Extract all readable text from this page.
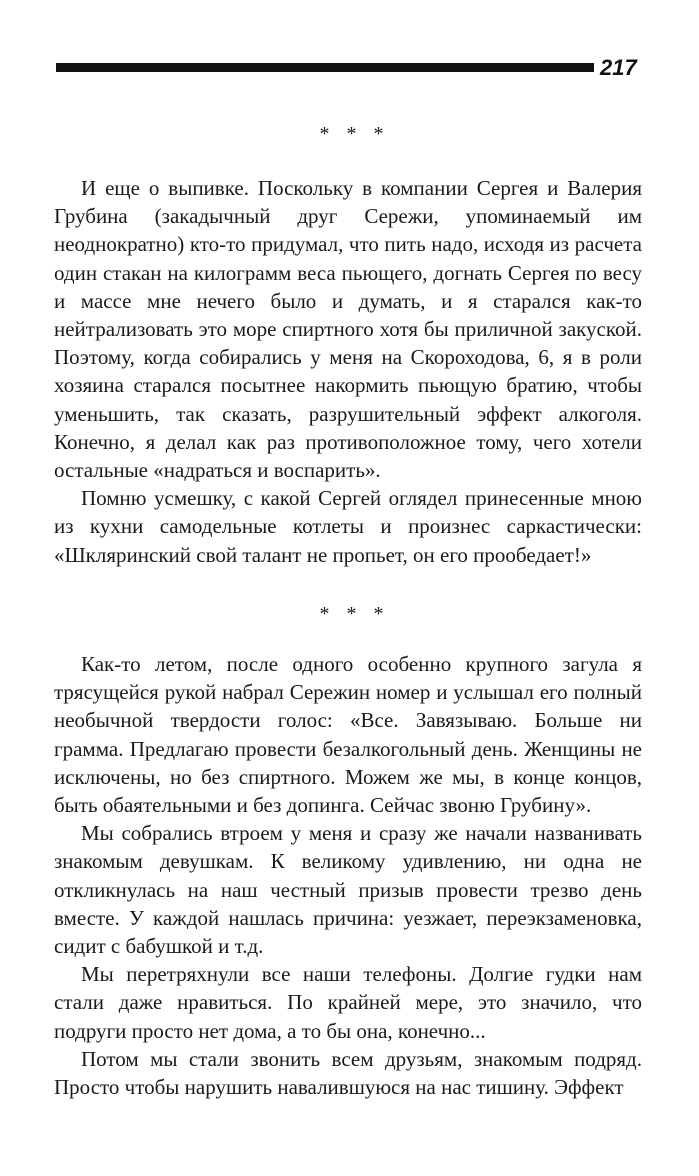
217
* * *

И еще о выпивке. Поскольку в компании Сергея и Валерия Грубина (закадычный друг Сережи, упоминаемый им неоднократно) кто-то придумал, что пить надо, исходя из расчета один стакан на килограмм веса пьющего, догнать Сергея по весу и массе мне нечего было и думать, и я старался как-то нейтрализовать это море спиртного хотя бы приличной закуской. Поэтому, когда собирались у меня на Скороходова, 6, я в роли хозяина старался посытнее накормить пьющую братию, чтобы уменьшить, так сказать, разрушительный эффект алкоголя. Конечно, я делал как раз противоположное тому, чего хотели остальные «надраться и воспарить».

Помню усмешку, с какой Сергей оглядел принесенные мною из кухни самодельные котлеты и произнес саркастически: «Шкляринский свой талант не пропьет, он его прообедает!»

* * *

Как-то летом, после одного особенно крупного загула я трясущейся рукой набрал Сережин номер и услышал его полный необычной твердости голос: «Все. Завязываю. Больше ни грамма. Предлагаю провести безалкогольный день. Женщины не исключены, но без спиртного. Можем же мы, в конце концов, быть обаятельными и без допинга. Сейчас звоню Грубину».

Мы собрались втроем у меня и сразу же начали названивать знакомым девушкам. К великому удивлению, ни одна не откликнулась на наш честный призыв провести трезво день вместе. У каждой нашлась причина: уезжает, переэкзаменовка, сидит с бабушкой и т.д.

Мы перетряхнули все наши телефоны. Долгие гудки нам стали даже нравиться. По крайней мере, это значило, что подруги просто нет дома, а то бы она, конечно...

Потом мы стали звонить всем друзьям, знакомым подряд. Просто чтобы нарушить навалившуюся на нас тишину. Эффект
